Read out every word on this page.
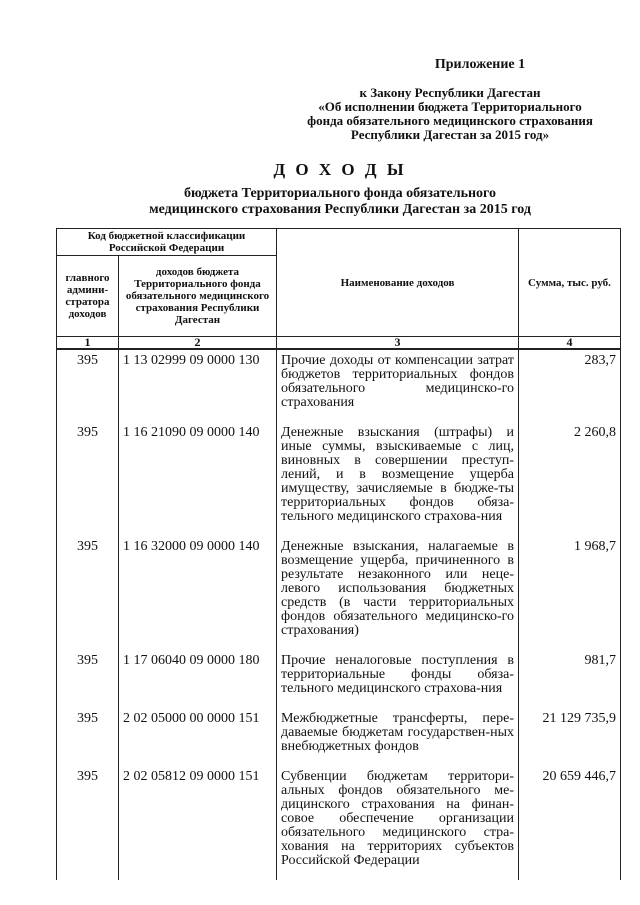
Приложение 1
к Закону Республики Дагестан
«Об исполнении бюджета Территориального
фонда обязательного медицинского страхования
Республики Дагестан за 2015 год»
Д О Х О Д Ы
бюджета Территориального фонда обязательного
медицинского страхования Республики Дагестан за 2015 год
Код бюджетной классификации Российской Федерации		Наименование доходов	Сумма, тыс. руб.
главного админи-стратора доходов	доходов бюджета Территориального фонда обязательного медицинского страхования Республики Дагестан		
1	2	3	4
395	1 13 02999 09 0000 130	Прочие доходы от компенсации затрат бюджетов территориальных фондов обязательного медицинско-го страхования	283,7
395	1 16 21090 09 0000 140	Денежные взыскания (штрафы) и иные суммы, взыскиваемые с лиц, виновных в совершении преступ-лений, и в возмещение ущерба имуществу, зачисляемые в бюдже-ты территориальных фондов обяза-тельного медицинского страхова-ния	2 260,8
395	1 16 32000 09 0000 140	Денежные взыскания, налагаемые в возмещение ущерба, причиненного в результате незаконного или неце-левого использования бюджетных средств (в части территориальных фондов обязательного медицинско-го страхования)	1 968,7
395	1 17 06040 09 0000 180	Прочие неналоговые поступления в территориальные фонды обяза-тельного медицинского страхова-ния	981,7
395	2 02 05000 00 0000 151	Межбюджетные трансферты, пере-даваемые бюджетам государствен-ных внебюджетных фондов	21 129 735,9
395	2 02 05812 09 0000 151	Субвенции бюджетам территори-альных фондов обязательного ме-дицинского страхования на финан-совое обеспечение организации обязательного медицинского стра-хования на территориях субъектов Российской Федерации	20 659 446,7
